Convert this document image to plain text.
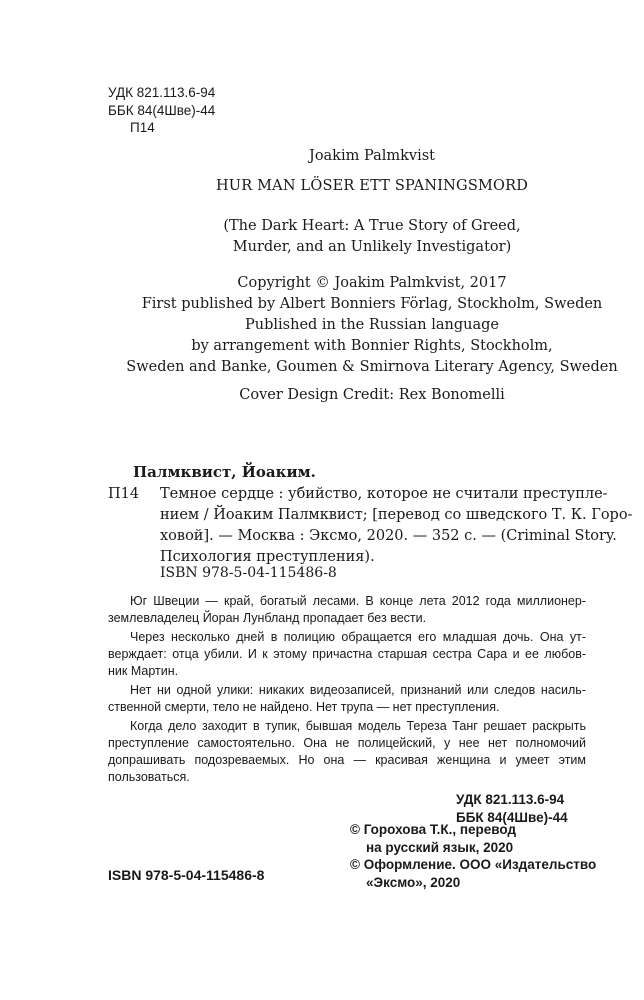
УДК 821.113.6-94
ББК 84(4Шве)-44
П14
Joakim Palmkvist
HUR MAN LÖSER ETT SPANINGSMORD
(The Dark Heart: A True Story of Greed,
Murder, and an Unlikely Investigator)
Copyright © Joakim Palmkvist, 2017
First published by Albert Bonniers Förlag, Stockholm, Sweden
Published in the Russian language
by arrangement with Bonnier Rights, Stockholm,
Sweden and Banke, Goumen & Smirnova Literary Agency, Sweden
Cover Design Credit: Rex Bonomelli
Палмквист, Йоаким.
П14 Темное сердце : убийство, которое не считали преступле-
нием / Йоаким Палмквист; [перевод со шведского Т. К. Горо-
ховой]. — Москва : Эксмо, 2020. — 352 с. — (Criminal Story.
Психология преступления).
ISBN 978-5-04-115486-8

Юг Швеции — край, богатый лесами. В конце лета 2012 года миллионер-
землевладелец Йоран Лунбланд пропадает без вести.

Через несколько дней в полицию обращается его младшая дочь. Она ут-
верждает: отца убили. И к этому причастна старшая сестра Сара и ее любов-
ник Мартин.

Нет ни одной улики: никаких видеозаписей, признаний или следов насиль-
ственной смерти, тело не найдено. Нет трупа — нет преступления.

Когда дело заходит в тупик, бывшая модель Тереза Танг решает раскрыть
преступление самостоятельно. Она не полицейский, у нее нет полномочий
допрашивать подозреваемых. Но она — красивая женщина и умеет этим
пользоваться.

УДК 821.113.6-94
ББК 84(4Шве)-44
© Горохова Т.К., перевод
на русский язык, 2020
© Оформление. ООО «Издательство
«Эксмо», 2020
ISBN 978-5-04-115486-8
